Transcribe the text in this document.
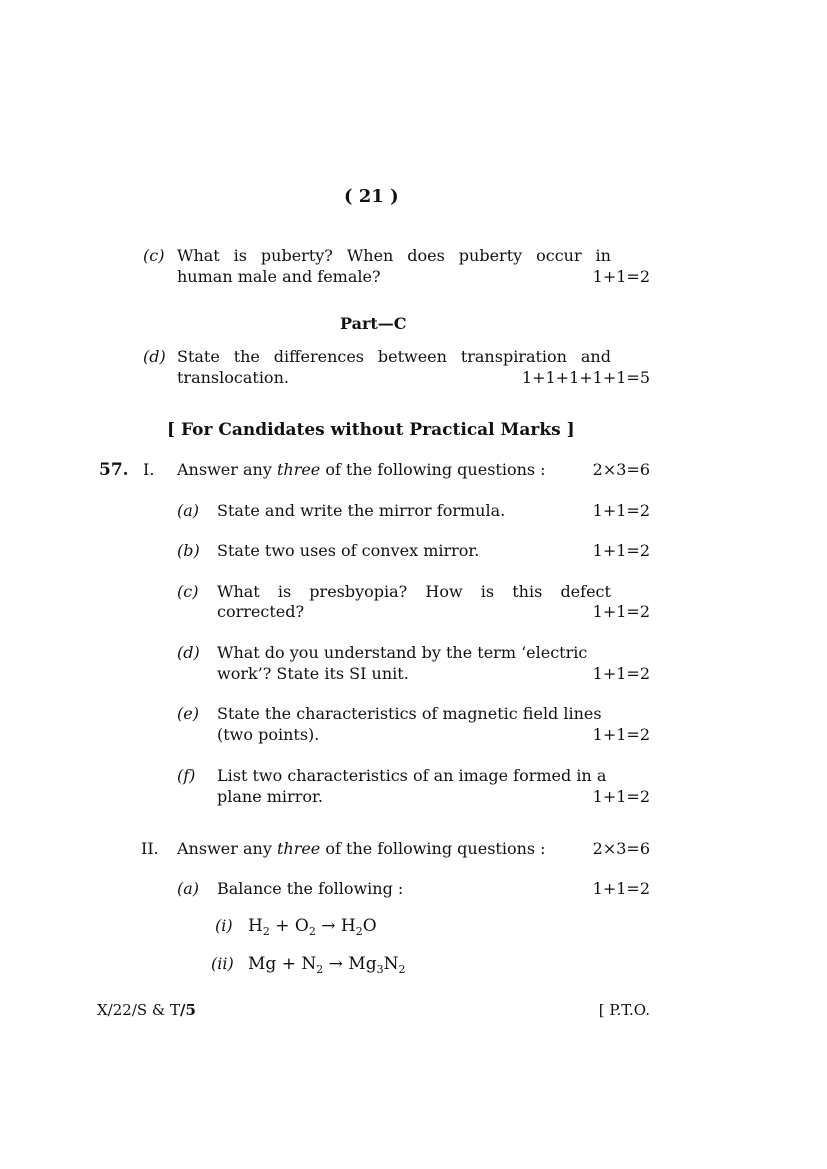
( 21 )
(c) What is puberty? When does puberty occur in
human male and female?	1+1=2
Part—C
(d) State the differences between transpiration and
translocation.	1+1+1+1+1=5
[ For Candidates without Practical Marks ]
57. I. Answer any three of the following questions :	2×3=6
(a) State and write the mirror formula.	1+1=2
(b) State two uses of convex mirror.	1+1=2
(c) What is presbyopia? How is this defect
corrected?	1+1=2
(d) What do you understand by the term ‘electric
work’? State its SI unit.	1+1=2
(e) State the characteristics of magnetic field lines
(two points).	1+1=2
(f) List two characteristics of an image formed in a
plane mirror.	1+1=2
II. Answer any three of the following questions :	2×3=6
(a) Balance the following :	1+1=2
(i) $H_2 + O_2 \to H_2O$
(ii) $Mg + N_2 \to Mg_3N_2$
X/22/S & T/5	[ P.T.O.
